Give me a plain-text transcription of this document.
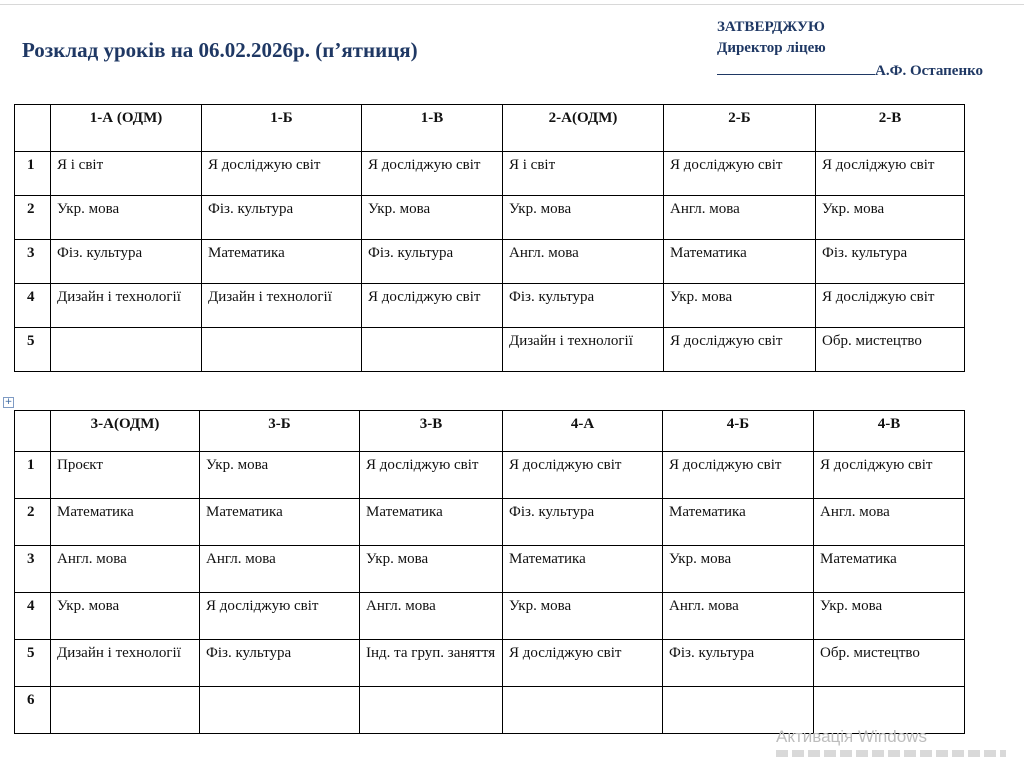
Розклад уроків на 06.02.2026р. (п’ятниця)
ЗАТВЕРДЖУЮ
Директор ліцею
А.Ф. Остапенко
	1-А (ОДМ)	1-Б	1-В	2-А(ОДМ)	2-Б	2-В
1	Я і світ	Я досліджую світ	Я досліджую світ	Я і світ	Я досліджую світ	Я досліджую світ
2	Укр. мова	Фіз. культура	Укр. мова	Укр. мова	Англ. мова	Укр. мова
3	Фіз. культура	Математика	Фіз. культура	Англ. мова	Математика	Фіз. культура
4	Дизайн і технології	Дизайн і технології	Я досліджую світ	Фіз. культура	Укр. мова	Я досліджую світ
5				Дизайн і технології	Я досліджую світ	Обр. мистецтво
+
	3-А(ОДМ)	3-Б	3-В	4-А	4-Б	4-В
1	Проєкт	Укр. мова	Я досліджую світ	Я досліджую світ	Я досліджую світ	Я досліджую світ
2	Математика	Математика	Математика	Фіз. культура	Математика	Англ. мова
3	Англ. мова	Англ. мова	Укр. мова	Математика	Укр. мова	Математика
4	Укр. мова	Я досліджую світ	Англ. мова	Укр. мова	Англ. мова	Укр. мова
5	Дизайн і технології	Фіз. культура	Інд. та груп. заняття	Я досліджую світ	Фіз. культура	Обр. мистецтво
6						
Активація Windows
